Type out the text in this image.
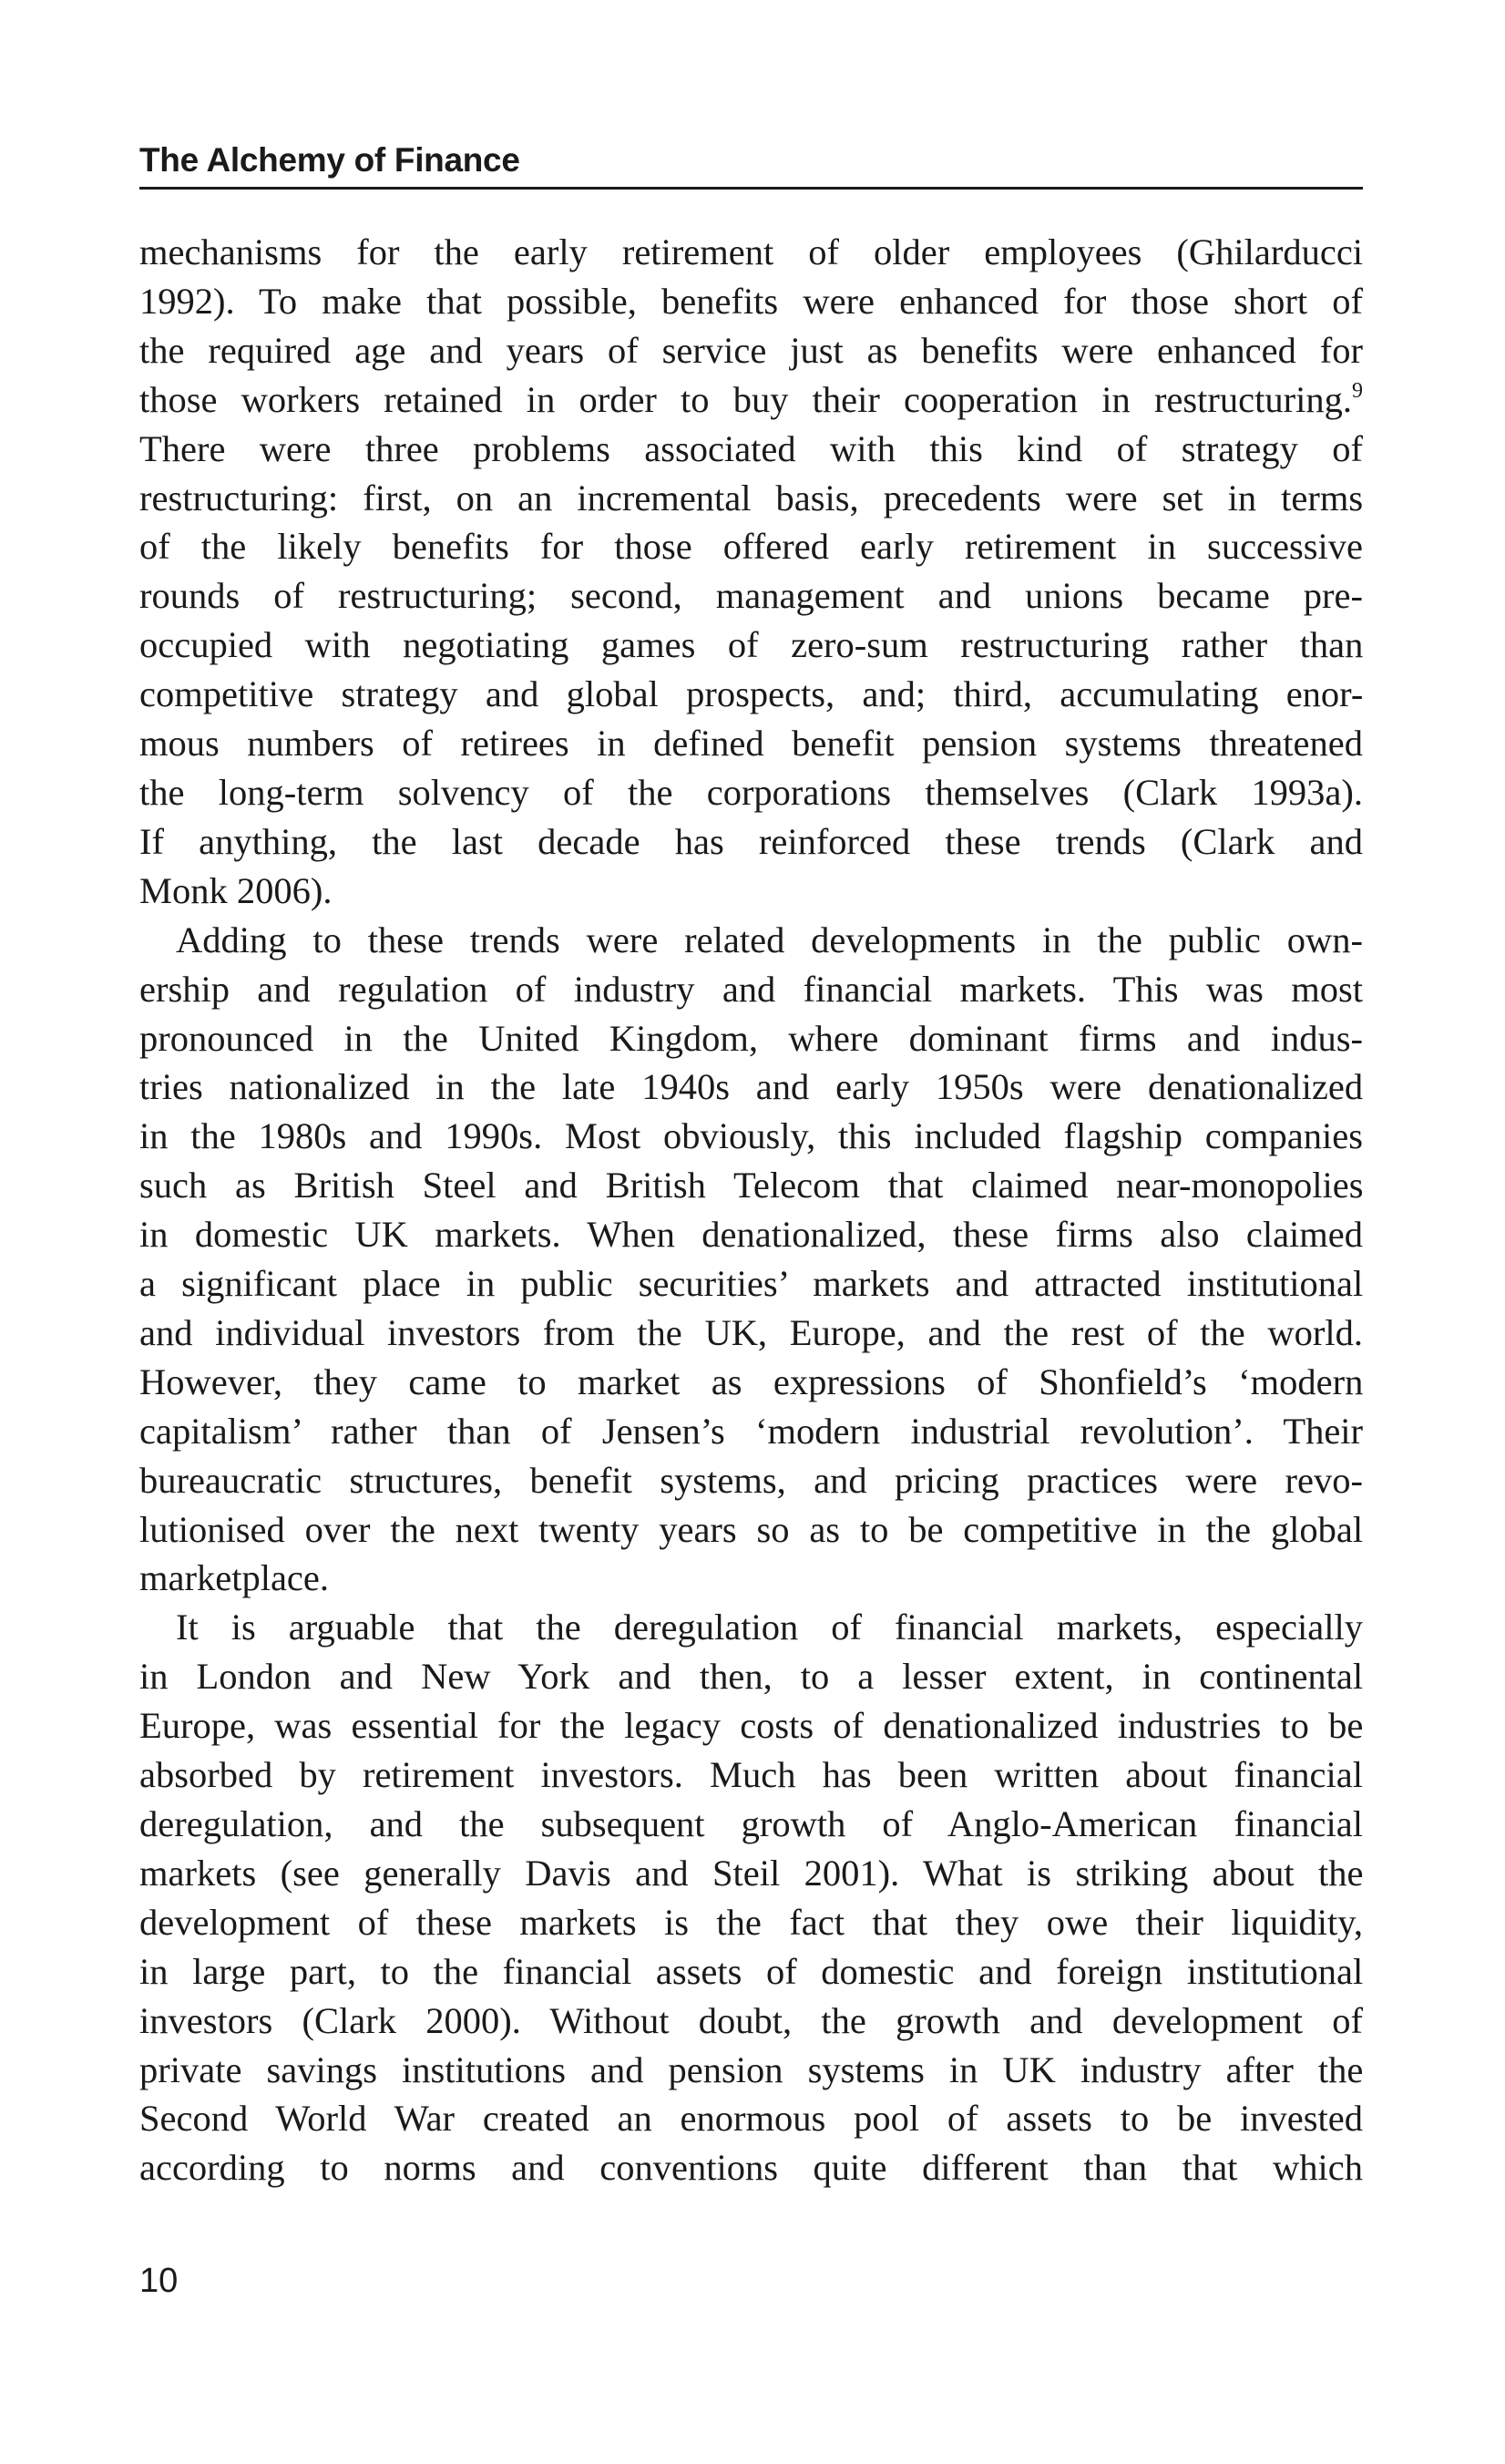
The Alchemy of Finance

mechanisms for the early retirement of older employees (Ghilarducci
1992). To make that possible, benefits were enhanced for those short of
the required age and years of service just as benefits were enhanced for
those workers retained in order to buy their cooperation in restructuring.$^9$
There were three problems associated with this kind of strategy of
restructuring: first, on an incremental basis, precedents were set in terms
of the likely benefits for those offered early retirement in successive
rounds of restructuring; second, management and unions became pre-
occupied with negotiating games of zero-sum restructuring rather than
competitive strategy and global prospects, and; third, accumulating enor-
mous numbers of retirees in defined benefit pension systems threatened
the long-term solvency of the corporations themselves (Clark 1993a).
If anything, the last decade has reinforced these trends (Clark and
Monk 2006).

Adding to these trends were related developments in the public own-
ership and regulation of industry and financial markets. This was most
pronounced in the United Kingdom, where dominant firms and indus-
tries nationalized in the late 1940s and early 1950s were denationalized
in the 1980s and 1990s. Most obviously, this included flagship companies
such as British Steel and British Telecom that claimed near-monopolies
in domestic UK markets. When denationalized, these firms also claimed
a significant place in public securities’ markets and attracted institutional
and individual investors from the UK, Europe, and the rest of the world.
However, they came to market as expressions of Shonfield’s ‘modern
capitalism’ rather than of Jensen’s ‘modern industrial revolution’. Their
bureaucratic structures, benefit systems, and pricing practices were revo-
lutionised over the next twenty years so as to be competitive in the global
marketplace.

It is arguable that the deregulation of financial markets, especially
in London and New York and then, to a lesser extent, in continental
Europe, was essential for the legacy costs of denationalized industries to be
absorbed by retirement investors. Much has been written about financial
deregulation, and the subsequent growth of Anglo-American financial
markets (see generally Davis and Steil 2001). What is striking about the
development of these markets is the fact that they owe their liquidity,
in large part, to the financial assets of domestic and foreign institutional
investors (Clark 2000). Without doubt, the growth and development of
private savings institutions and pension systems in UK industry after the
Second World War created an enormous pool of assets to be invested
according to norms and conventions quite different than that which

10
